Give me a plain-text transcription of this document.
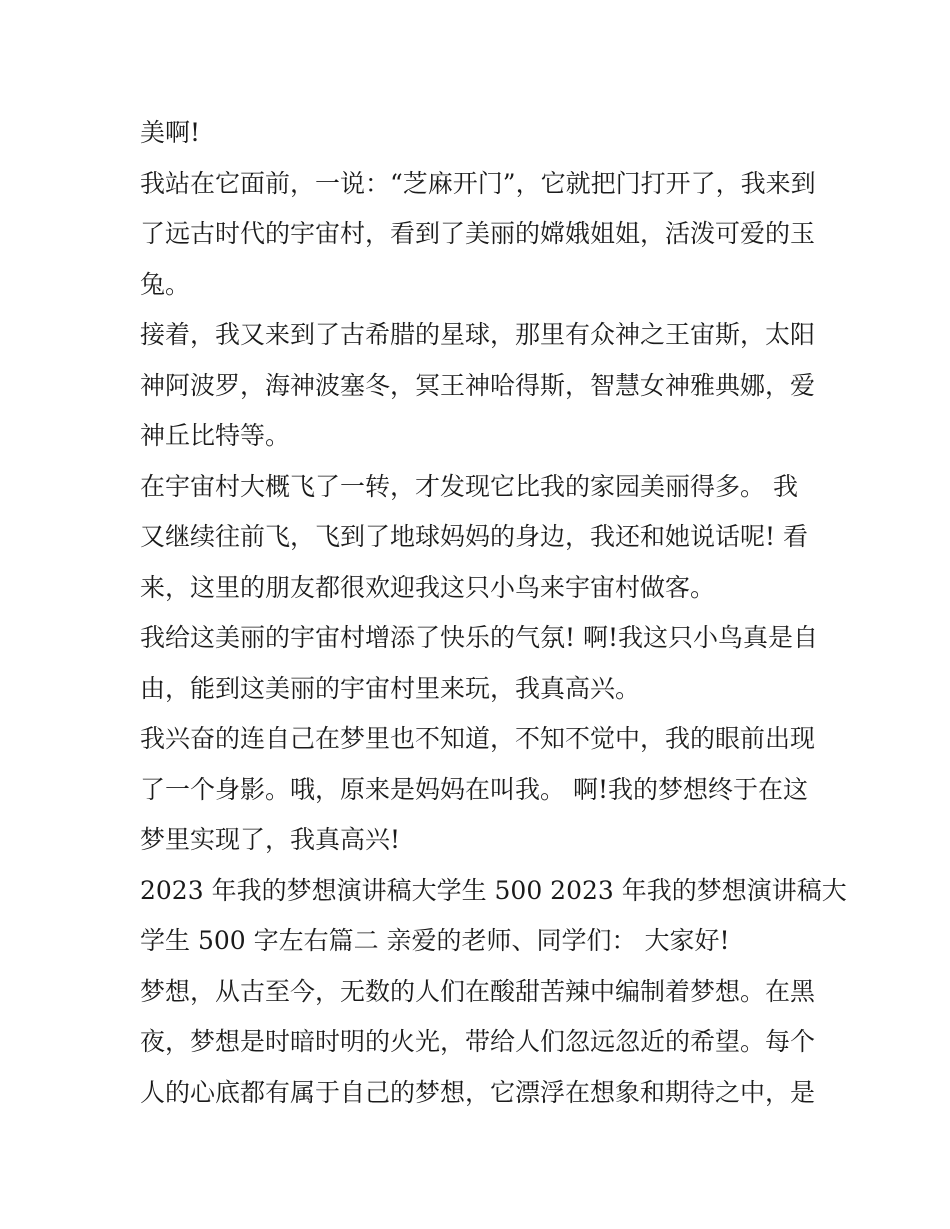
美啊!
我站在它面前，一说：“芝麻开门”，它就把门打开了，我来到
了远古时代的宇宙村，看到了美丽的嫦娥姐姐，活泼可爱的玉
兔。
接着，我又来到了古希腊的星球，那里有众神之王宙斯，太阳
神阿波罗，海神波塞冬，冥王神哈得斯，智慧女神雅典娜，爱
神丘比特等。
在宇宙村大概飞了一转，才发现它比我的家园美丽得多。 我
又继续往前飞，飞到了地球妈妈的身边，我还和她说话呢! 看
来，这里的朋友都很欢迎我这只小鸟来宇宙村做客。
我给这美丽的宇宙村增添了快乐的气氛! 啊!我这只小鸟真是自
由，能到这美丽的宇宙村里来玩，我真高兴。
我兴奋的连自己在梦里也不知道，不知不觉中，我的眼前出现
了一个身影。哦，原来是妈妈在叫我。 啊!我的梦想终于在这
梦里实现了，我真高兴!
2023 年我的梦想演讲稿大学生 500 2023 年我的梦想演讲稿大
学生 500 字左右篇二 亲爱的老师、同学们： 大家好!
梦想，从古至今，无数的人们在酸甜苦辣中编制着梦想。在黑
夜，梦想是时暗时明的火光，带给人们忽远忽近的希望。每个
人的心底都有属于自己的梦想，它漂浮在想象和期待之中，是
